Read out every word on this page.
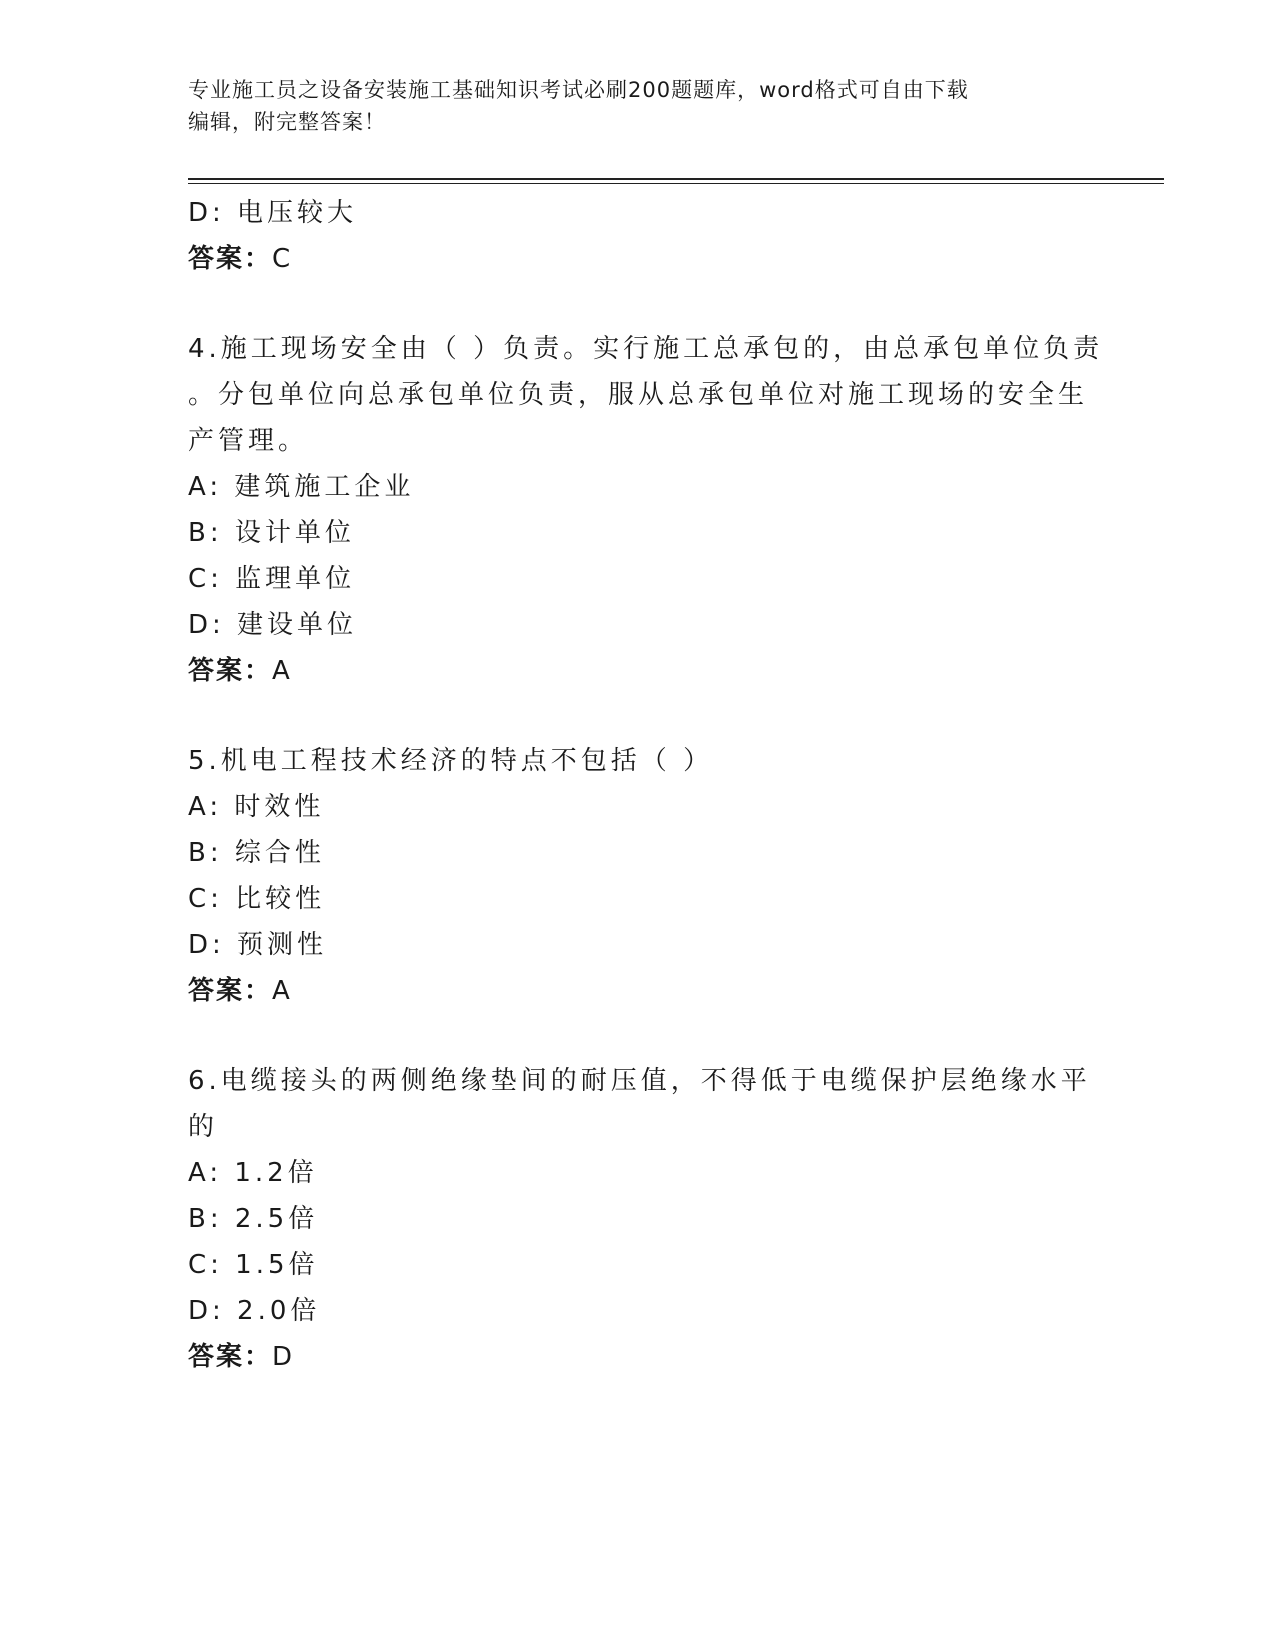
专业施工员之设备安装施工基础知识考试必刷200题题库，word格式可自由下载
编辑，附完整答案！
D: 电压较大
答案：C
4.施工现场安全由（ ）负责。实行施工总承包的，由总承包单位负责
。分包单位向总承包单位负责，服从总承包单位对施工现场的安全生
产管理。
A: 建筑施工企业
B: 设计单位
C: 监理单位
D: 建设单位
答案：A
5.机电工程技术经济的特点不包括（ ）
A: 时效性
B: 综合性
C: 比较性
D: 预测性
答案：A
6.电缆接头的两侧绝缘垫间的耐压值，不得低于电缆保护层绝缘水平
的
A: 1.2倍
B: 2.5倍
C: 1.5倍
D: 2.0倍
答案：D
